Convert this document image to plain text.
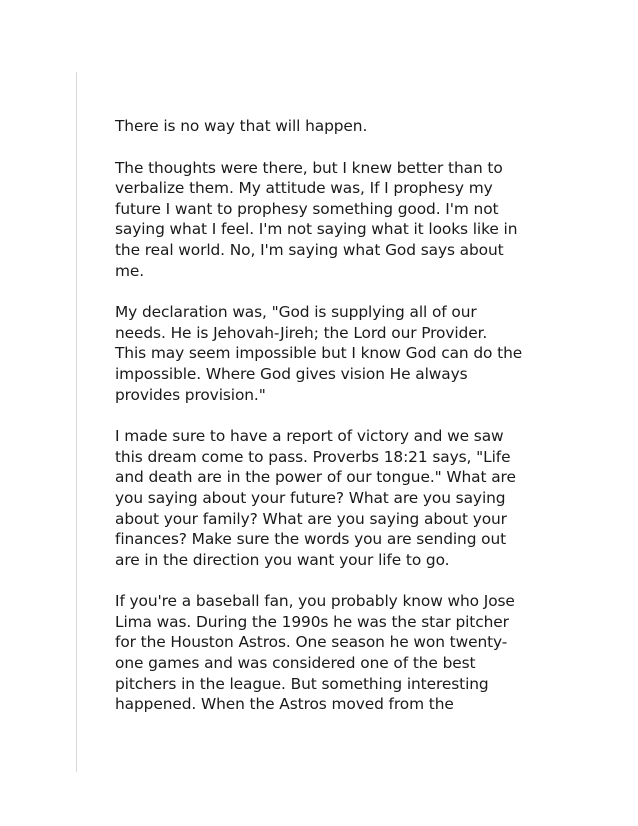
There is no way that will happen.
The thoughts were there, but I knew better than to
verbalize them. My attitude was, If I prophesy my
future I want to prophesy something good. I'm not
saying what I feel. I'm not saying what it looks like in
the real world. No, I'm saying what God says about
me.
My declaration was, "God is supplying all of our
needs. He is Jehovah-Jireh; the Lord our Provider.
This may seem impossible but I know God can do the
impossible. Where God gives vision He always
provides provision."
I made sure to have a report of victory and we saw
this dream come to pass. Proverbs 18:21 says, "Life
and death are in the power of our tongue." What are
you saying about your future? What are you saying
about your family? What are you saying about your
finances? Make sure the words you are sending out
are in the direction you want your life to go.
If you're a baseball fan, you probably know who Jose
Lima was. During the 1990s he was the star pitcher
for the Houston Astros. One season he won twenty-
one games and was considered one of the best
pitchers in the league. But something interesting
happened. When the Astros moved from the
